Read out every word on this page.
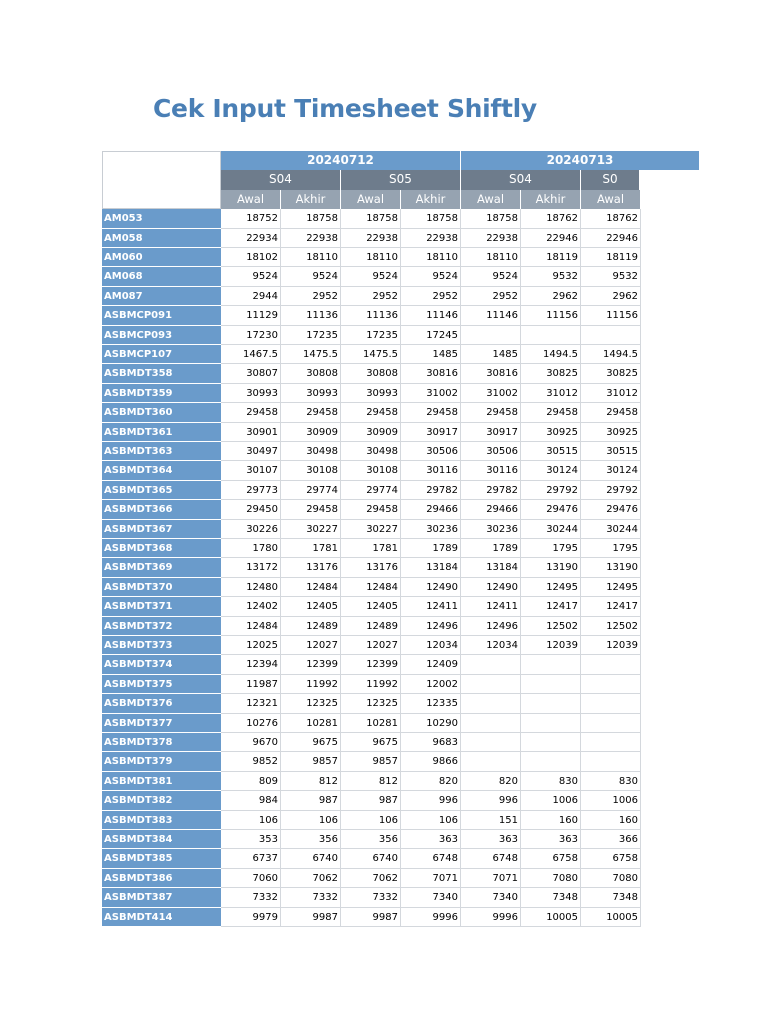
Cek Input Timesheet Shiftly
20240712	20240713
S04	S05	S04	S0
Awal	Akhir	Awal	Akhir	Awal	Akhir	Awal
AM053	18752	18758	18758	18758	18758	18762	18762
AM058	22934	22938	22938	22938	22938	22946	22946
AM060	18102	18110	18110	18110	18110	18119	18119
AM068	9524	9524	9524	9524	9524	9532	9532
AM087	2944	2952	2952	2952	2952	2962	2962
ASBMCP091	11129	11136	11136	11146	11146	11156	11156
ASBMCP093	17230	17235	17235	17245
ASBMCP107	1467.5	1475.5	1475.5	1485	1485	1494.5	1494.5
ASBMDT358	30807	30808	30808	30816	30816	30825	30825
ASBMDT359	30993	30993	30993	31002	31002	31012	31012
ASBMDT360	29458	29458	29458	29458	29458	29458	29458
ASBMDT361	30901	30909	30909	30917	30917	30925	30925
ASBMDT363	30497	30498	30498	30506	30506	30515	30515
ASBMDT364	30107	30108	30108	30116	30116	30124	30124
ASBMDT365	29773	29774	29774	29782	29782	29792	29792
ASBMDT366	29450	29458	29458	29466	29466	29476	29476
ASBMDT367	30226	30227	30227	30236	30236	30244	30244
ASBMDT368	1780	1781	1781	1789	1789	1795	1795
ASBMDT369	13172	13176	13176	13184	13184	13190	13190
ASBMDT370	12480	12484	12484	12490	12490	12495	12495
ASBMDT371	12402	12405	12405	12411	12411	12417	12417
ASBMDT372	12484	12489	12489	12496	12496	12502	12502
ASBMDT373	12025	12027	12027	12034	12034	12039	12039
ASBMDT374	12394	12399	12399	12409
ASBMDT375	11987	11992	11992	12002
ASBMDT376	12321	12325	12325	12335
ASBMDT377	10276	10281	10281	10290
ASBMDT378	9670	9675	9675	9683
ASBMDT379	9852	9857	9857	9866
ASBMDT381	809	812	812	820	820	830	830
ASBMDT382	984	987	987	996	996	1006	1006
ASBMDT383	106	106	106	106	151	160	160
ASBMDT384	353	356	356	363	363	363	366
ASBMDT385	6737	6740	6740	6748	6748	6758	6758
ASBMDT386	7060	7062	7062	7071	7071	7080	7080
ASBMDT387	7332	7332	7332	7340	7340	7348	7348
ASBMDT414	9979	9987	9987	9996	9996	10005	10005
